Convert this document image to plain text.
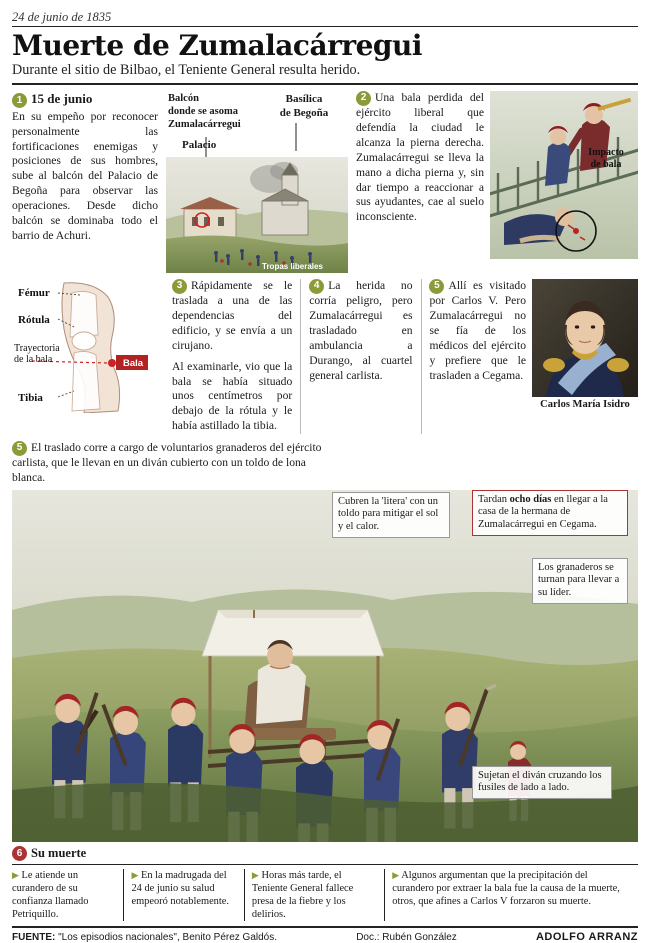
24 de junio de 1835
Muerte de Zumalacárregui
Durante el sitio de Bilbao, el Teniente General resulta herido.
1 15 de junio
En su empeño por reconocer personalmente las fortificaciones enemigas y posiciones de sus hombres, sube al balcón del Palacio de Begoña para observar las operaciones. Desde dicho balcón se dominaba todo el barrio de Achuri.
Balcón
donde se asoma
Zumalacárregui
Basílica
de Begoña
Palacio
Tropas liberales
2 Una bala perdida del ejército liberal que defendía la ciudad le alcanza la pierna derecha. Zumalacárregui se lleva la mano a dicha pierna y, sin dar tiempo a reaccionar a sus ayudantes, cae al suelo inconsciente.
Impacto
de bala
Fémur
Rótula
Trayectoria
de la bala
Tibia
Bala
3 Rápidamente se le traslada a una de las dependencias del edificio, y se envía a un cirujano.
Al examinarle, vio que la bala se había situado unos centímetros por debajo de la rótula y le había astillado la tibia.
4 La herida no corría peligro, pero Zumalacárregui es trasladado en ambulancia a Durango, al cuartel general carlista.
Carlos María Isidro
5 Allí es visitado por Carlos V. Pero Zumalacárregui no se fía de los médicos del ejército y prefiere que le trasladen a Cegama.
5 El traslado corre a cargo de voluntarios granaderos del ejército carlista, que le llevan en un diván cubierto con un toldo de lona blanca.
Cubren la 'litera' con un toldo para mitigar el sol y el calor.
Tardan ocho días en llegar a la casa de la hermana de Zumalacárregui en Cegama.
Los granaderos se turnan para llevar a su líder.
Sujetan el diván cruzando los fusiles de lado a lado.
6 Su muerte
▶ Le atiende un curandero de su confianza llamado Petriquillo.
▶ En la madrugada del 24 de junio su salud empeoró notablemente.
▶ Horas más tarde, el Teniente General fallece presa de la fiebre y los delirios.
▶ Algunos argumentan que la precipitación del curandero por extraer la bala fue la causa de la muerte, otros, que afines a Carlos V forzaron su muerte.
FUENTE: "Los episodios nacionales", Benito Pérez Galdós.	Doc.: Rubén González	ADOLFO ARRANZ
